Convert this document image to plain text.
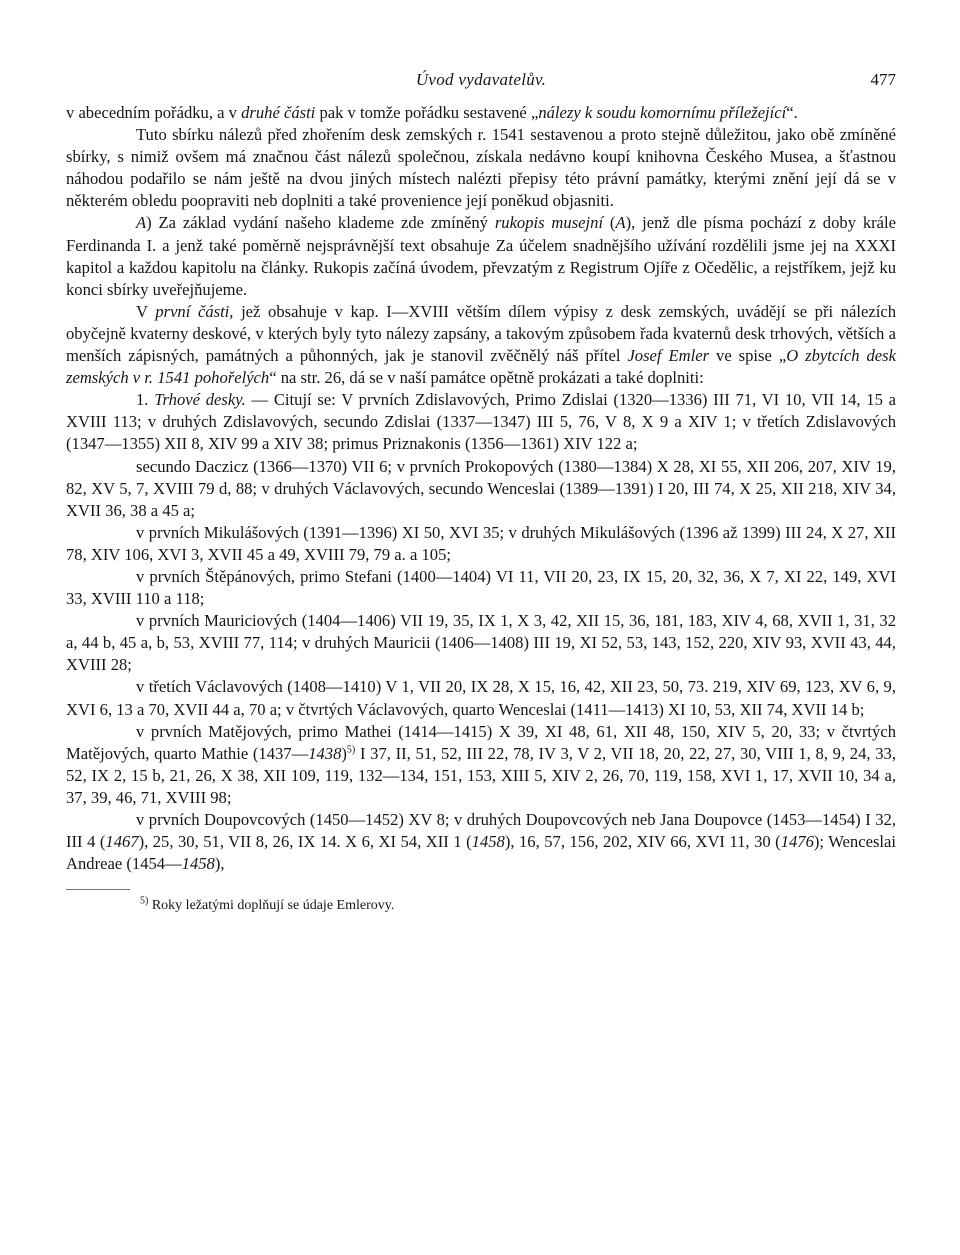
Úvod vydavatelův.	477

v abecedním pořádku, a v druhé části pak v tomže pořádku sestavené „nálezy k soudu komornímu příležející“.

Tuto sbírku nálezů před zhořením desk zemských r. 1541 sestavenou a proto stejně důležitou, jako obě zmíněné sbírky, s nimiž ovšem má značnou část nálezů společnou, získala nedávno koupí knihovna Českého Musea, a šťastnou náhodou podařilo se nám ještě na dvou jiných místech nalézti přepisy této právní památky, kterými znění její dá se v některém obledu poopraviti neb doplniti a také provenience její poněkud objasniti.

A) Za základ vydání našeho klademe zde zmíněný rukopis musejní (A), jenž dle písma pochází z doby krále Ferdinanda I. a jenž také poměrně nejsprávnější text obsahuje Za účelem snadnějšího užívání rozdělili jsme jej na XXXI kapitol a každou kapitolu na články. Rukopis začíná úvodem, převzatým z Registrum Ojíře z Očedělic, a rejstříkem, jejž ku konci sbírky uveřejňujeme.

V první části, jež obsahuje v kap. I—XVIII větším dílem výpisy z desk zemských, uvádějí se při nálezích obyčejně kvaterny deskové, v kterých byly tyto nálezy zapsány, a takovým způsobem řada kvaternů desk trhových, větších a menších zápisných, památných a půhonných, jak je stanovil zvěčnělý náš přítel Josef Emler ve spise „O zbytcích desk zemských v r. 1541 pohořelých“ na str. 26, dá se v naší památce opětně prokázati a také doplniti:

1. Trhové desky. — Citují se: V prvních Zdislavových, Primo Zdislai (1320—1336) III 71, VI 10, VII 14, 15 a XVIII 113; v druhých Zdislavových, secundo Zdislai (1337—1347) III 5, 76, V 8, X 9 a XIV 1; v třetích Zdislavových (1347—1355) XII 8, XIV 99 a XIV 38; primus Priznakonis (1356—1361) XIV 122 a;

secundo Daczicz (1366—1370) VII 6; v prvních Prokopových (1380—1384) X 28, XI 55, XII 206, 207, XIV 19, 82, XV 5, 7, XVIII 79 d, 88; v druhých Václavových, secundo Wenceslai (1389—1391) I 20, III 74, X 25, XII 218, XIV 34, XVII 36, 38 a 45 a;

v prvních Mikulášových (1391—1396) XI 50, XVI 35; v druhých Mikulášových (1396 až 1399) III 24, X 27, XII 78, XIV 106, XVI 3, XVII 45 a 49, XVIII 79, 79 a. a 105;

v prvních Štěpánových, primo Stefani (1400—1404) VI 11, VII 20, 23, IX 15, 20, 32, 36, X 7, XI 22, 149, XVI 33, XVIII 110 a 118;

v prvních Mauriciových (1404—1406) VII 19, 35, IX 1, X 3, 42, XII 15, 36, 181, 183, XIV 4, 68, XVII 1, 31, 32 a, 44 b, 45 a, b, 53, XVIII 77, 114; v druhých Mauricii (1406—1408) III 19, XI 52, 53, 143, 152, 220, XIV 93, XVII 43, 44, XVIII 28;

v třetích Václavových (1408—1410) V 1, VII 20, IX 28, X 15, 16, 42, XII 23, 50, 73. 219, XIV 69, 123, XV 6, 9, XVI 6, 13 a 70, XVII 44 a, 70 a; v čtvrtých Václavových, quarto Wenceslai (1411—1413) XI 10, 53, XII 74, XVII 14 b;

v prvních Matějových, primo Mathei (1414—1415) X 39, XI 48, 61, XII 48, 150, XIV 5, 20, 33; v čtvrtých Matějových, quarto Mathie (1437—1438)$^{5)}$ I 37, II, 51, 52, III 22, 78, IV 3, V 2, VII 18, 20, 22, 27, 30, VIII 1, 8, 9, 24, 33, 52, IX 2, 15 b, 21, 26, X 38, XII 109, 119, 132—134, 151, 153, XIII 5, XIV 2, 26, 70, 119, 158, XVI 1, 17, XVII 10, 34 a, 37, 39, 46, 71, XVIII 98;

v prvních Doupovcových (1450—1452) XV 8; v druhých Doupovcových neb Jana Doupovce (1453—1454) I 32, III 4 (1467), 25, 30, 51, VII 8, 26, IX 14. X 6, XI 54, XII 1 (1458), 16, 57, 156, 202, XIV 66, XVI 11, 30 (1476); Wenceslai Andreae (1454—1458),

$^{5)}$ Roky ležatými doplňují se údaje Emlerovy.
